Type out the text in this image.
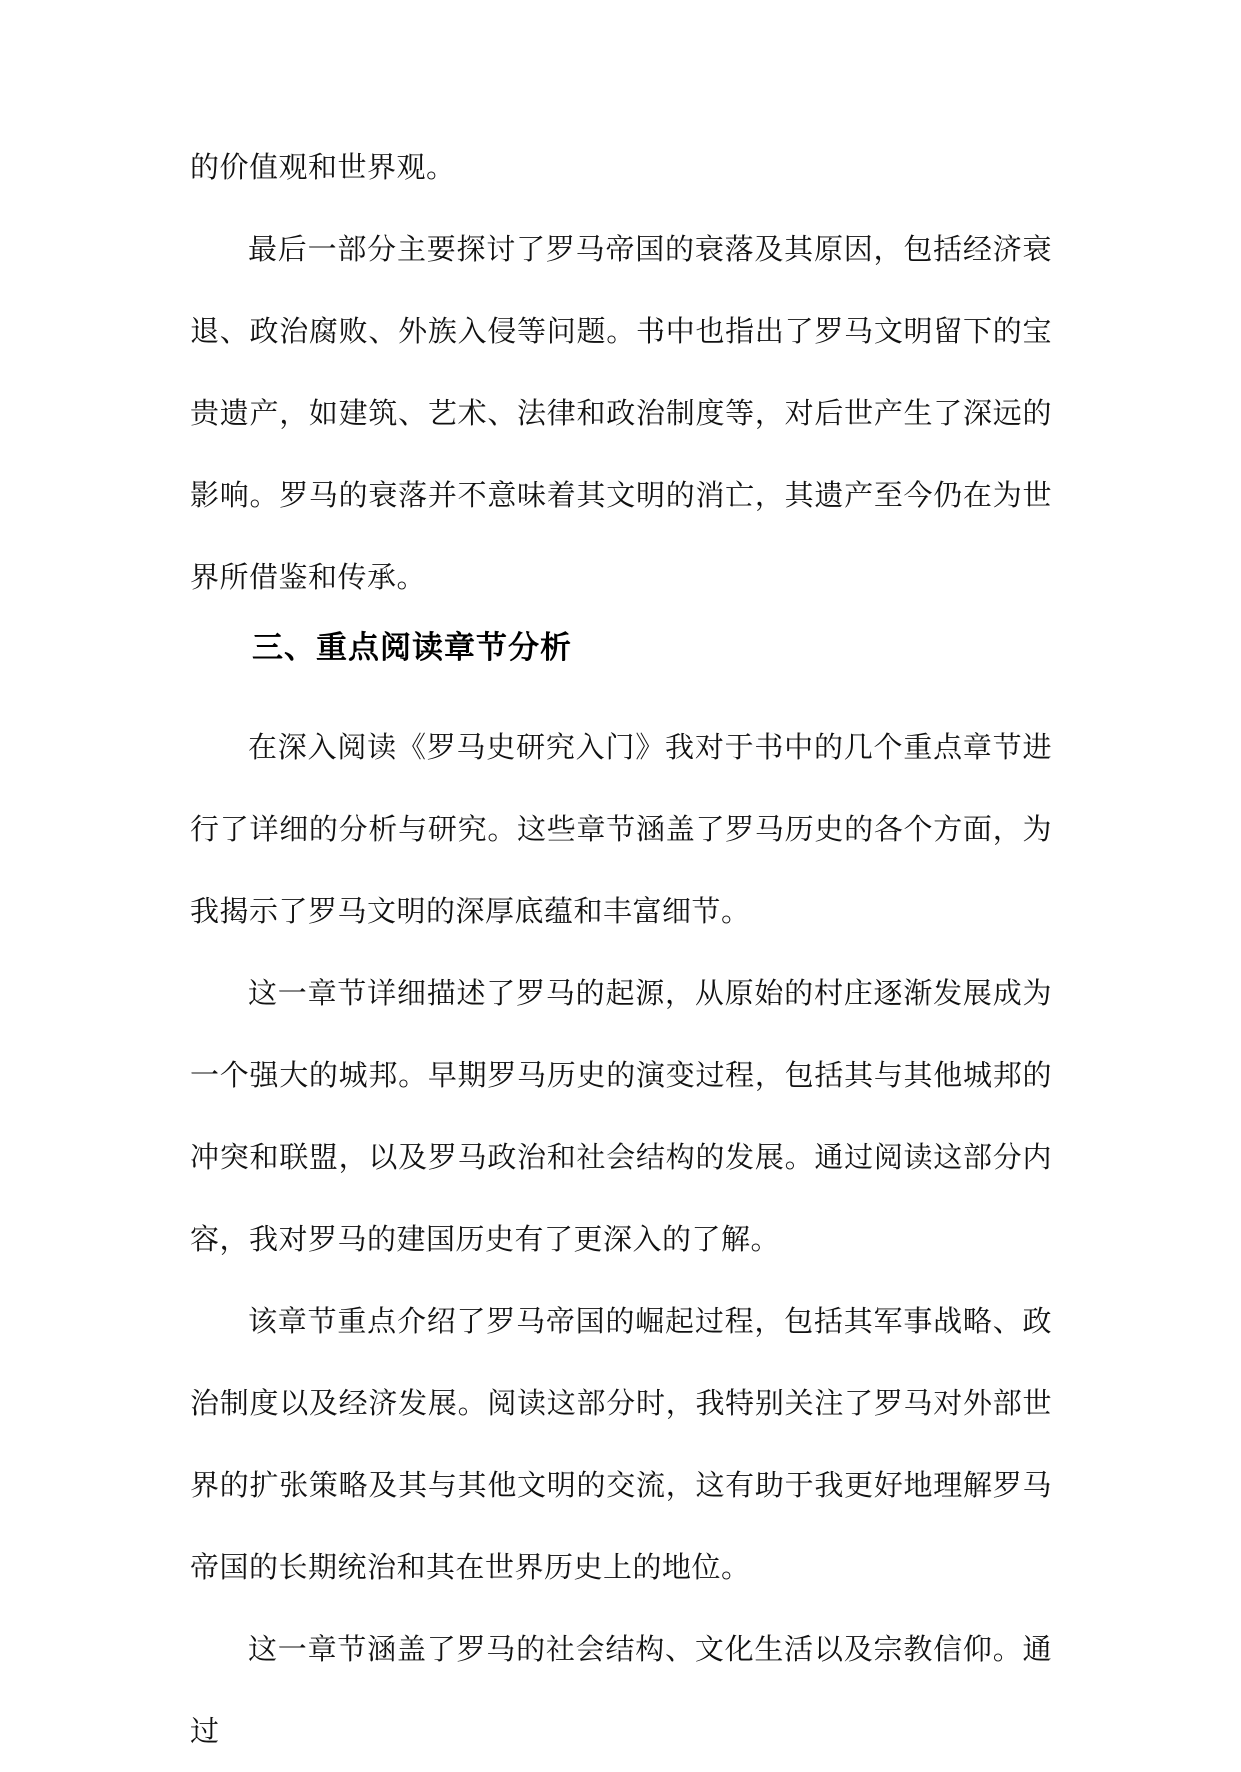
的价值观和世界观。

最后一部分主要探讨了罗马帝国的衰落及其原因，包括经济衰退、政治腐败、外族入侵等问题。书中也指出了罗马文明留下的宝贵遗产，如建筑、艺术、法律和政治制度等，对后世产生了深远的影响。罗马的衰落并不意味着其文明的消亡，其遗产至今仍在为世界所借鉴和传承。

三、重点阅读章节分析

在深入阅读《罗马史研究入门》我对于书中的几个重点章节进行了详细的分析与研究。这些章节涵盖了罗马历史的各个方面，为我揭示了罗马文明的深厚底蕴和丰富细节。

这一章节详细描述了罗马的起源，从原始的村庄逐渐发展成为一个强大的城邦。早期罗马历史的演变过程，包括其与其他城邦的冲突和联盟，以及罗马政治和社会结构的发展。通过阅读这部分内容，我对罗马的建国历史有了更深入的了解。

该章节重点介绍了罗马帝国的崛起过程，包括其军事战略、政治制度以及经济发展。阅读这部分时，我特别关注了罗马对外部世界的扩张策略及其与其他文明的交流，这有助于我更好地理解罗马帝国的长期统治和其在世界历史上的地位。

这一章节涵盖了罗马的社会结构、文化生活以及宗教信仰。通过
